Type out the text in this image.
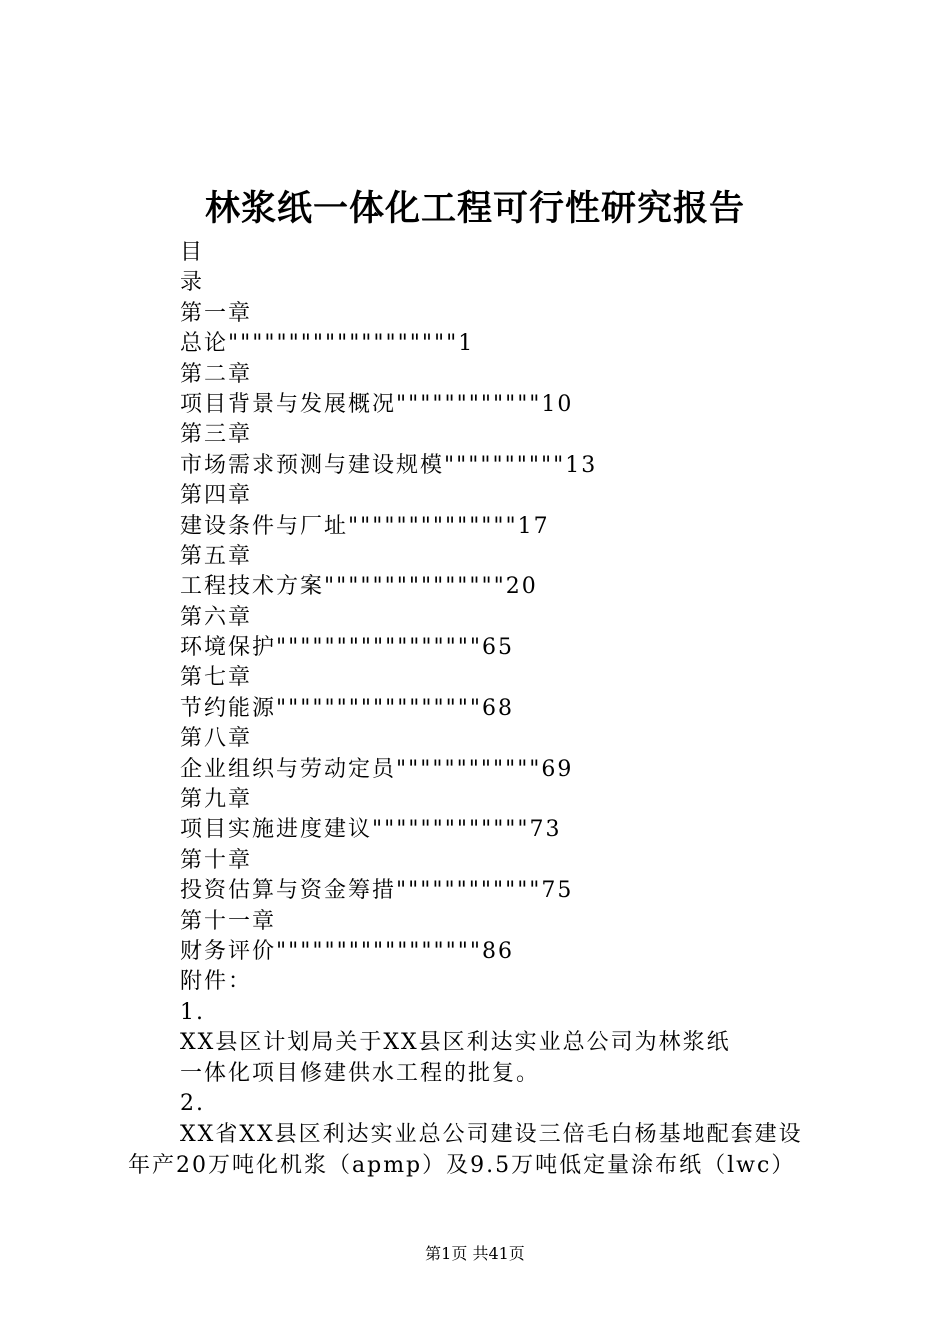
林浆纸一体化工程可行性研究报告
目
录
第一章
总论"""""""""""""""""""1
第二章
项目背景与发展概况""""""""""""10
第三章
市场需求预测与建设规模""""""""""13
第四章
建设条件与厂址""""""""""""""17
第五章
工程技术方案"""""""""""""""20
第六章
环境保护"""""""""""""""""65
第七章
节约能源"""""""""""""""""68
第八章
企业组织与劳动定员""""""""""""69
第九章
项目实施进度建议"""""""""""""73
第十章
投资估算与资金筹措""""""""""""75
第十一章
财务评价"""""""""""""""""86
附件：
1.
XX县区计划局关于XX县区利达实业总公司为林浆纸
一体化项目修建供水工程的批复。
2.
XX省XX县区利达实业总公司建设三倍毛白杨基地配套建设
年产20万吨化机浆（apmp）及9.5万吨低定量涂布纸（lwc）
第1页 共41页
